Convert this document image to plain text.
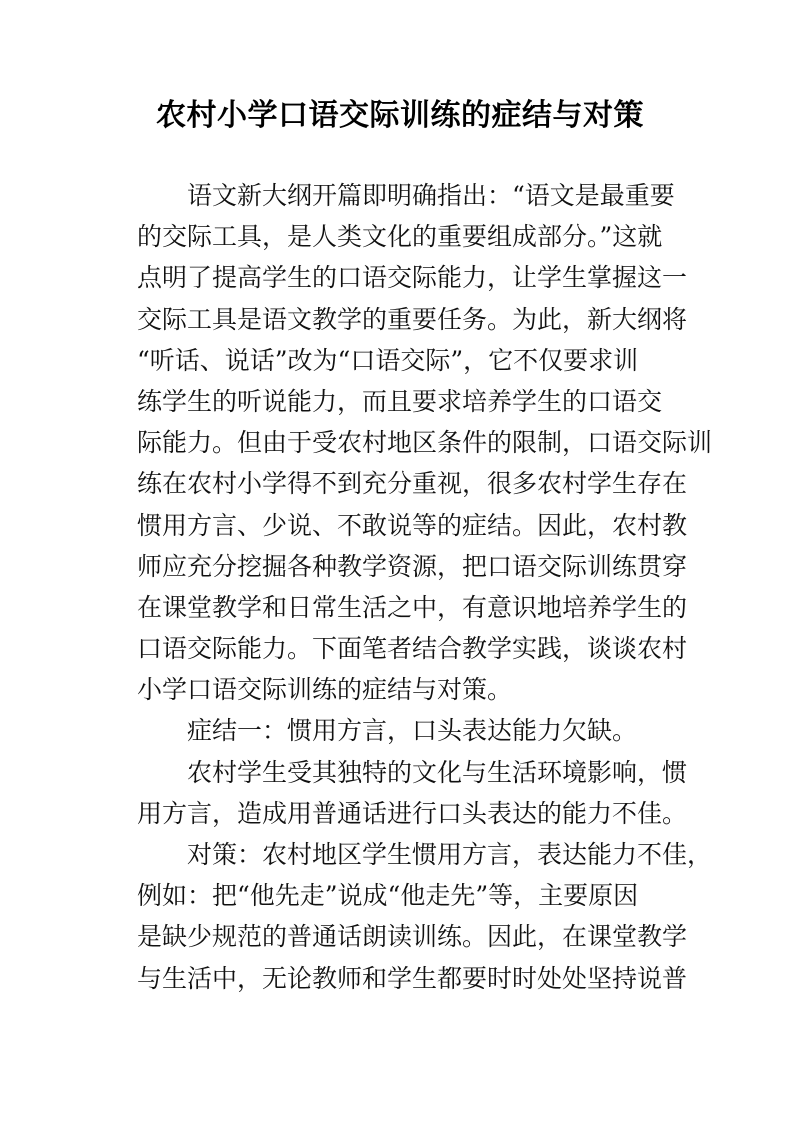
农村小学口语交际训练的症结与对策
语文新大纲开篇即明确指出：“语文是最重要
的交际工具，是人类文化的重要组成部分。”这就
点明了提高学生的口语交际能力，让学生掌握这一
交际工具是语文教学的重要任务。为此，新大纲将
“听话、说话”改为“口语交际”，它不仅要求训
练学生的听说能力，而且要求培养学生的口语交
际能力。但由于受农村地区条件的限制，口语交际训
练在农村小学得不到充分重视，很多农村学生存在
惯用方言、少说、不敢说等的症结。因此，农村教
师应充分挖掘各种教学资源，把口语交际训练贯穿
在课堂教学和日常生活之中，有意识地培养学生的
口语交际能力。下面笔者结合教学实践，谈谈农村
小学口语交际训练的症结与对策。
症结一：惯用方言，口头表达能力欠缺。
农村学生受其独特的文化与生活环境影响，惯
用方言，造成用普通话进行口头表达的能力不佳。
对策：农村地区学生惯用方言，表达能力不佳，
例如：把“他先走”说成“他走先”等，主要原因
是缺少规范的普通话朗读训练。因此，在课堂教学
与生活中，无论教师和学生都要时时处处坚持说普
